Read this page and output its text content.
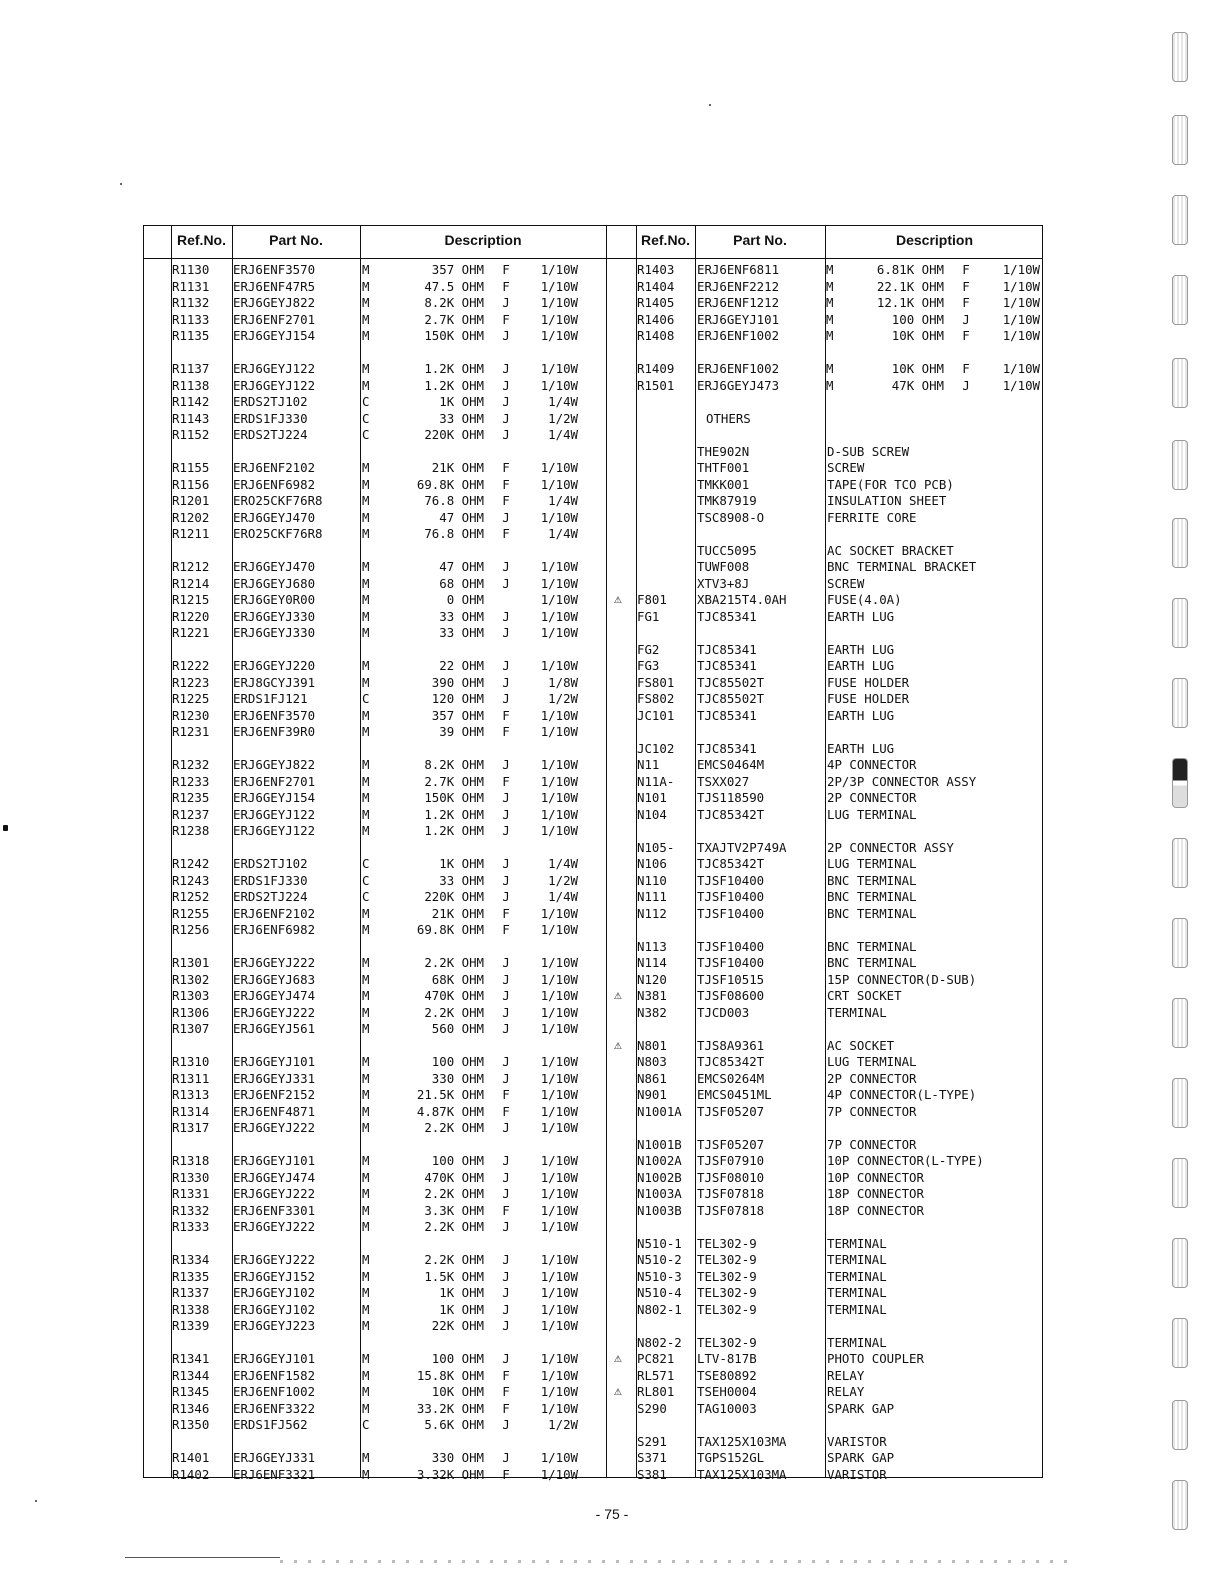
Ref.No.	Part No.	Description	Ref.No.	Part No.	Description
R1130 ERJ6ENF3570	M	357 OHM	F	1/10W
R1131 ERJ6ENF47R5	M	47.5 OHM	F	1/10W
R1132 ERJ6GEYJ822	M	8.2K OHM	J	1/10W
R1133 ERJ6ENF2701	M	2.7K OHM	F	1/10W
R1135 ERJ6GEYJ154	M	150K OHM	J	1/10W
R1137 ERJ6GEYJ122	M	1.2K OHM	J	1/10W
R1138 ERJ6GEYJ122	M	1.2K OHM	J	1/10W
R1142 ERDS2TJ102	C	1K OHM	J	1/4W
R1143 ERDS1FJ330	C	33 OHM	J	1/2W
R1152 ERDS2TJ224	C	220K OHM	J	1/4W
R1155 ERJ6ENF2102	M	21K OHM	F	1/10W
R1156 ERJ6ENF6982	M	69.8K OHM	F	1/10W
R1201 ERO25CKF76R8	M	76.8 OHM	F	1/4W
R1202 ERJ6GEYJ470	M	47 OHM	J	1/10W
R1211 ERO25CKF76R8	M	76.8 OHM	F	1/4W
R1212 ERJ6GEYJ470	M	47 OHM	J	1/10W
R1214 ERJ6GEYJ680	M	68 OHM	J	1/10W
R1215 ERJ6GEY0R00	M	0 OHM	1/10W
R1220 ERJ6GEYJ330	M	33 OHM	J	1/10W
R1221 ERJ6GEYJ330	M	33 OHM	J	1/10W
R1222 ERJ6GEYJ220	M	22 OHM	J	1/10W
R1223 ERJ8GCYJ391	M	390 OHM	J	1/8W
R1225 ERDS1FJ121	C	120 OHM	J	1/2W
R1230 ERJ6ENF3570	M	357 OHM	F	1/10W
R1231 ERJ6ENF39R0	M	39 OHM	F	1/10W
R1232 ERJ6GEYJ822	M	8.2K OHM	J	1/10W
R1233 ERJ6ENF2701	M	2.7K OHM	F	1/10W
R1235 ERJ6GEYJ154	M	150K OHM	J	1/10W
R1237 ERJ6GEYJ122	M	1.2K OHM	J	1/10W
R1238 ERJ6GEYJ122	M	1.2K OHM	J	1/10W
R1242 ERDS2TJ102	C	1K OHM	J	1/4W
R1243 ERDS1FJ330	C	33 OHM	J	1/2W
R1252 ERDS2TJ224	C	220K OHM	J	1/4W
R1255 ERJ6ENF2102	M	21K OHM	F	1/10W
R1256 ERJ6ENF6982	M	69.8K OHM	F	1/10W
R1301 ERJ6GEYJ222	M	2.2K OHM	J	1/10W
R1302 ERJ6GEYJ683	M	68K OHM	J	1/10W
R1303 ERJ6GEYJ474	M	470K OHM	J	1/10W
R1306 ERJ6GEYJ222	M	2.2K OHM	J	1/10W
R1307 ERJ6GEYJ561	M	560 OHM	J	1/10W
R1310 ERJ6GEYJ101	M	100 OHM	J	1/10W
R1311 ERJ6GEYJ331	M	330 OHM	J	1/10W
R1313 ERJ6ENF2152	M	21.5K OHM	F	1/10W
R1314 ERJ6ENF4871	M	4.87K OHM	F	1/10W
R1317 ERJ6GEYJ222	M	2.2K OHM	J	1/10W
R1318 ERJ6GEYJ101	M	100 OHM	J	1/10W
R1330 ERJ6GEYJ474	M	470K OHM	J	1/10W
R1331 ERJ6GEYJ222	M	2.2K OHM	J	1/10W
R1332 ERJ6ENF3301	M	3.3K OHM	F	1/10W
R1333 ERJ6GEYJ222	M	2.2K OHM	J	1/10W
R1334 ERJ6GEYJ222	M	2.2K OHM	J	1/10W
R1335 ERJ6GEYJ152	M	1.5K OHM	J	1/10W
R1337 ERJ6GEYJ102	M	1K OHM	J	1/10W
R1338 ERJ6GEYJ102	M	1K OHM	J	1/10W
R1339 ERJ6GEYJ223	M	22K OHM	J	1/10W
R1341 ERJ6GEYJ101	M	100 OHM	J	1/10W
R1344 ERJ6ENF1582	M	15.8K OHM	F	1/10W
R1345 ERJ6ENF1002	M	10K OHM	F	1/10W
R1346 ERJ6ENF3322	M	33.2K OHM	F	1/10W
R1350 ERDS1FJ562	C	5.6K OHM	J	1/2W
R1401 ERJ6GEYJ331	M	330 OHM	J	1/10W
R1402 ERJ6ENF3321	M	3.32K OHM	F	1/10W
R1403 ERJ6ENF6811	M	6.81K OHM	F	1/10W
R1404 ERJ6ENF2212	M	22.1K OHM	F	1/10W
R1405 ERJ6ENF1212	M	12.1K OHM	F	1/10W
R1406 ERJ6GEYJ101	M	100 OHM	J	1/10W
R1408 ERJ6ENF1002	M	10K OHM	F	1/10W
R1409 ERJ6ENF1002	M	10K OHM	F	1/10W
R1501 ERJ6GEYJ473	M	47K OHM	J	1/10W
OTHERS
THE902N	D-SUB SCREW
THTF001	SCREW
TMKK001	TAPE(FOR TCO PCB)
TMK87919	INSULATION SHEET
TSC8908-O	FERRITE CORE
TUCC5095	AC SOCKET BRACKET
TUWF008	BNC TERMINAL BRACKET
XTV3+8J	SCREW
⚠ F801 XBA215T4.0AH	FUSE(4.0A)
FG1	TJC85341	EARTH LUG
FG2	TJC85341	EARTH LUG
FG3	TJC85341	EARTH LUG
FS801 TJC85502T	FUSE HOLDER
FS802 TJC85502T	FUSE HOLDER
JC101 TJC85341	EARTH LUG
JC102 TJC85341	EARTH LUG
N11	EMCS0464M	4P CONNECTOR
N11A- TSXX027	2P/3P CONNECTOR ASSY
N101 TJS118590	2P CONNECTOR
N104 TJC85342T	LUG TERMINAL
N105- TXAJTV2P749A	2P CONNECTOR ASSY
N106 TJC85342T	LUG TERMINAL
N110 TJSF10400	BNC TERMINAL
N111 TJSF10400	BNC TERMINAL
N112 TJSF10400	BNC TERMINAL
N113 TJSF10400	BNC TERMINAL
N114 TJSF10400	BNC TERMINAL
N120 TJSF10515	15P CONNECTOR(D-SUB)
⚠ N381 TJSF08600	CRT SOCKET
N382 TJCD003	TERMINAL
⚠ N801 TJS8A9361	AC SOCKET
N803 TJC85342T	LUG TERMINAL
N861 EMCS0264M	2P CONNECTOR
N901 EMCS0451ML	4P CONNECTOR(L-TYPE)
N1001A TJSF05207	7P CONNECTOR
N1001B TJSF05207	7P CONNECTOR
N1002A TJSF07910	10P CONNECTOR(L-TYPE)
N1002B TJSF08010	10P CONNECTOR
N1003A TJSF07818	18P CONNECTOR
N1003B TJSF07818	18P CONNECTOR
N510-1 TEL302-9	TERMINAL
N510-2 TEL302-9	TERMINAL
N510-3 TEL302-9	TERMINAL
N510-4 TEL302-9	TERMINAL
N802-1 TEL302-9	TERMINAL
N802-2 TEL302-9	TERMINAL
⚠ PC821 LTV-817B	PHOTO COUPLER
RL571 TSE80892	RELAY
⚠ RL801 TSEH0004	RELAY
S290 TAG10003	SPARK GAP
S291 TAX125X103MA	VARISTOR
S371 TGPS152GL	SPARK GAP
S381 TAX125X103MA	VARISTOR
- 75 -
